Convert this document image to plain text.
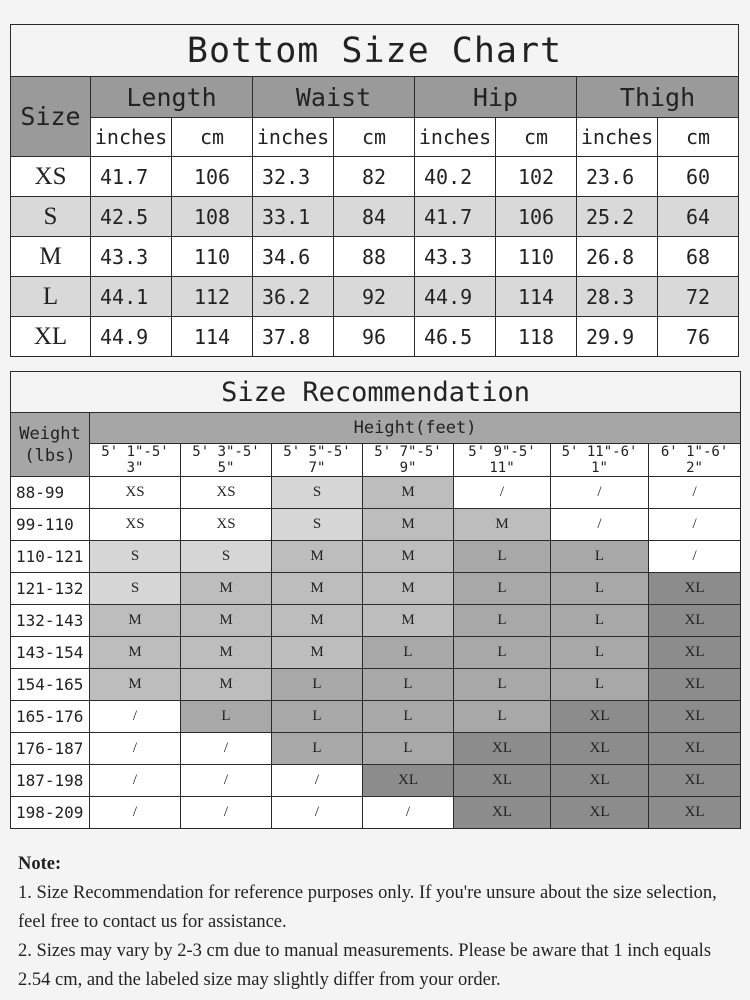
Bottom Size Chart								
Size	Length		Waist		Hip		Thigh	
	inches	cm	inches	cm	inches	cm	inches	cm
XS	41.7	106	32.3	82	40.2	102	23.6	60
S	42.5	108	33.1	84	41.7	106	25.2	64
M	43.3	110	34.6	88	43.3	110	26.8	68
L	44.1	112	36.2	92	44.9	114	28.3	72
XL	44.9	114	37.8	96	46.5	118	29.9	76
Size Recommendation							

Weight
(lbs)	Height(feet)						
	5' 1"-5' 3"	5' 3"-5' 5"	5' 5"-5' 7"	5' 7"-5' 9"	5' 9"-5' 11"	5' 11"-6' 1"	6' 1"-6' 2"
88-99	XS	XS	S	M	/	/	/
99-110	XS	XS	S	M	M	/	/
110-121	S	S	M	M	L	L	/
121-132	S	M	M	M	L	L	XL
132-143	M	M	M	M	L	L	XL
143-154	M	M	M	L	L	L	XL
154-165	M	M	L	L	L	L	XL
165-176	/	L	L	L	L	XL	XL
176-187	/	/	L	L	XL	XL	XL
187-198	/	/	/	XL	XL	XL	XL
198-209	/	/	/	/	XL	XL	XL

Note:

1. Size Recommendation for reference purposes only. If you're unsure about the size selection, feel free to contact us for assistance.

2. Sizes may vary by 2-3 cm due to manual measurements. Please be aware that 1 inch equals 2.54 cm, and the labeled size may slightly differ from your order.
